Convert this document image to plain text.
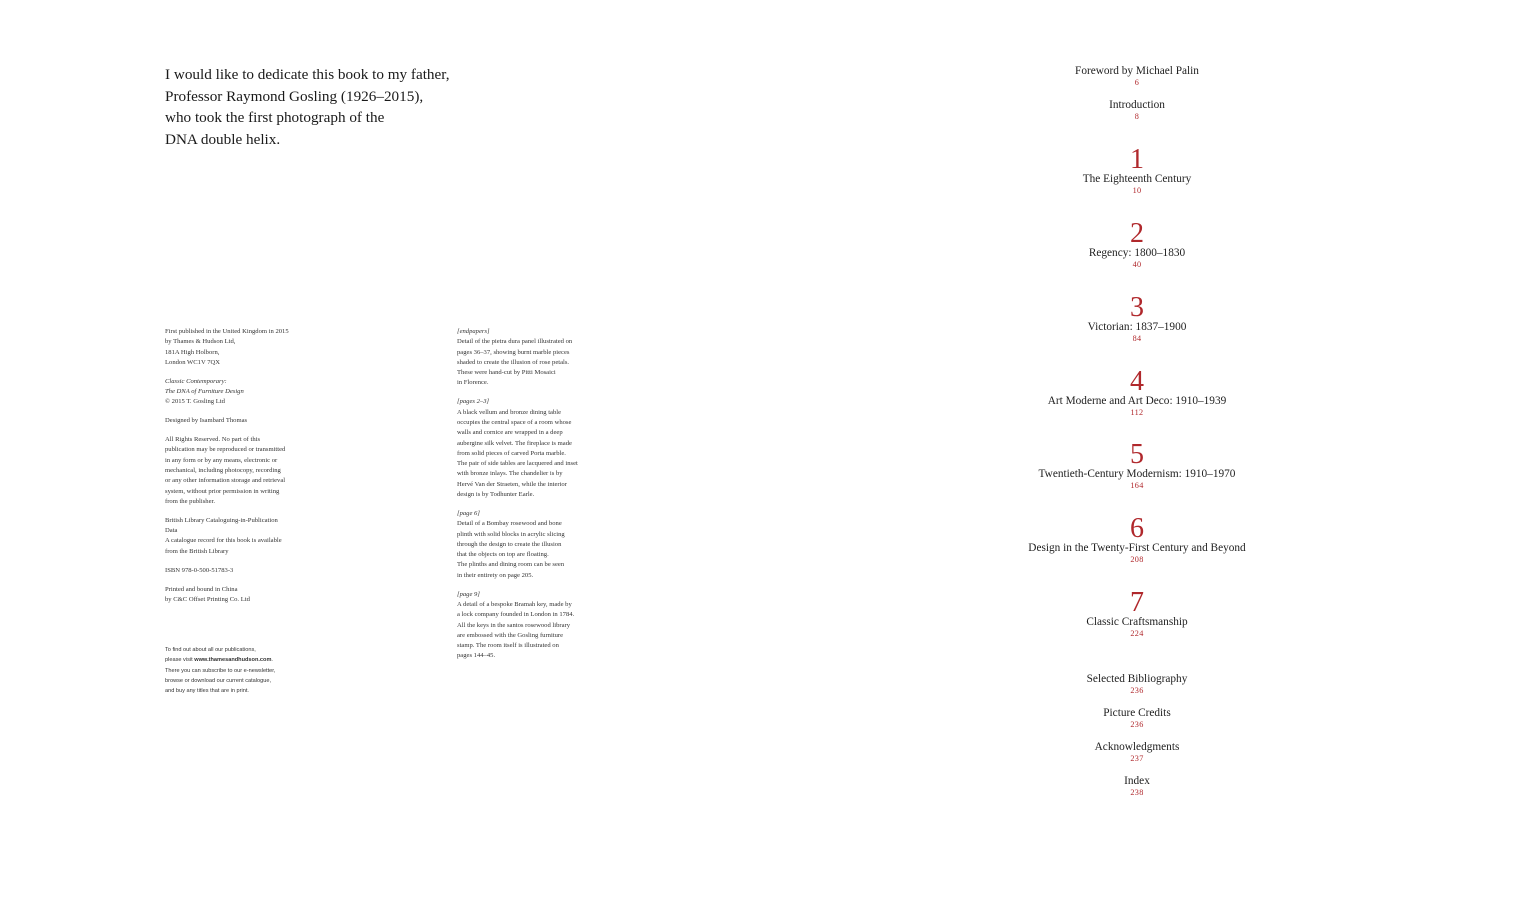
I would like to dedicate this book to my father,
Professor Raymond Gosling (1926–2015),
who took the first photograph of the
DNA double helix.
First published in the United Kingdom in 2015
by Thames & Hudson Ltd,
181A High Holborn,
London WC1V 7QX
Classic Contemporary:
The DNA of Furniture Design
© 2015 T. Gosling Ltd
Designed by Isambard Thomas
All Rights Reserved. No part of this
publication may be reproduced or transmitted
in any form or by any means, electronic or
mechanical, including photocopy, recording
or any other information storage and retrieval
system, without prior permission in writing
from the publisher.
British Library Cataloguing-in-Publication
Data
A catalogue record for this book is available
from the British Library
ISBN 978-0-500-51783-3
Printed and bound in China
by C&C Offset Printing Co. Ltd
[endpapers]
Detail of the pietra dura panel illustrated on
pages 36–37, showing burnt marble pieces
shaded to create the illusion of rose petals.
These were hand-cut by Pitti Mosaici
in Florence.
[pages 2–3]
A black vellum and bronze dining table
occupies the central space of a room whose
walls and cornice are wrapped in a deep
aubergine silk velvet. The fireplace is made
from solid pieces of carved Porta marble.
The pair of side tables are lacquered and inset
with bronze inlays. The chandelier is by
Hervé Van der Straeten, while the interior
design is by Todhunter Earle.
[page 6]
Detail of a Bombay rosewood and bone
plinth with solid blocks in acrylic slicing
through the design to create the illusion
that the objects on top are floating.
The plinths and dining room can be seen
in their entirety on page 205.
[page 9]
A detail of a bespoke Bramah key, made by
a lock company founded in London in 1784.
All the keys in the santos rosewood library
are embossed with the Gosling furniture
stamp. The room itself is illustrated on
pages 144–45.
To find out about all our publications,
please visit www.thamesandhudson.com.
There you can subscribe to our e-newsletter,
browse or download our current catalogue,
and buy any titles that are in print.
Foreword by Michael Palin
6
Introduction
8
1
The Eighteenth Century
10
2
Regency: 1800–1830
40
3
Victorian: 1837–1900
84
4
Art Moderne and Art Deco: 1910–1939
112
5
Twentieth-Century Modernism: 1910–1970
164
6
Design in the Twenty-First Century and Beyond
208
7
Classic Craftsmanship
224
Selected Bibliography
236
Picture Credits
236
Acknowledgments
237
Index
238
